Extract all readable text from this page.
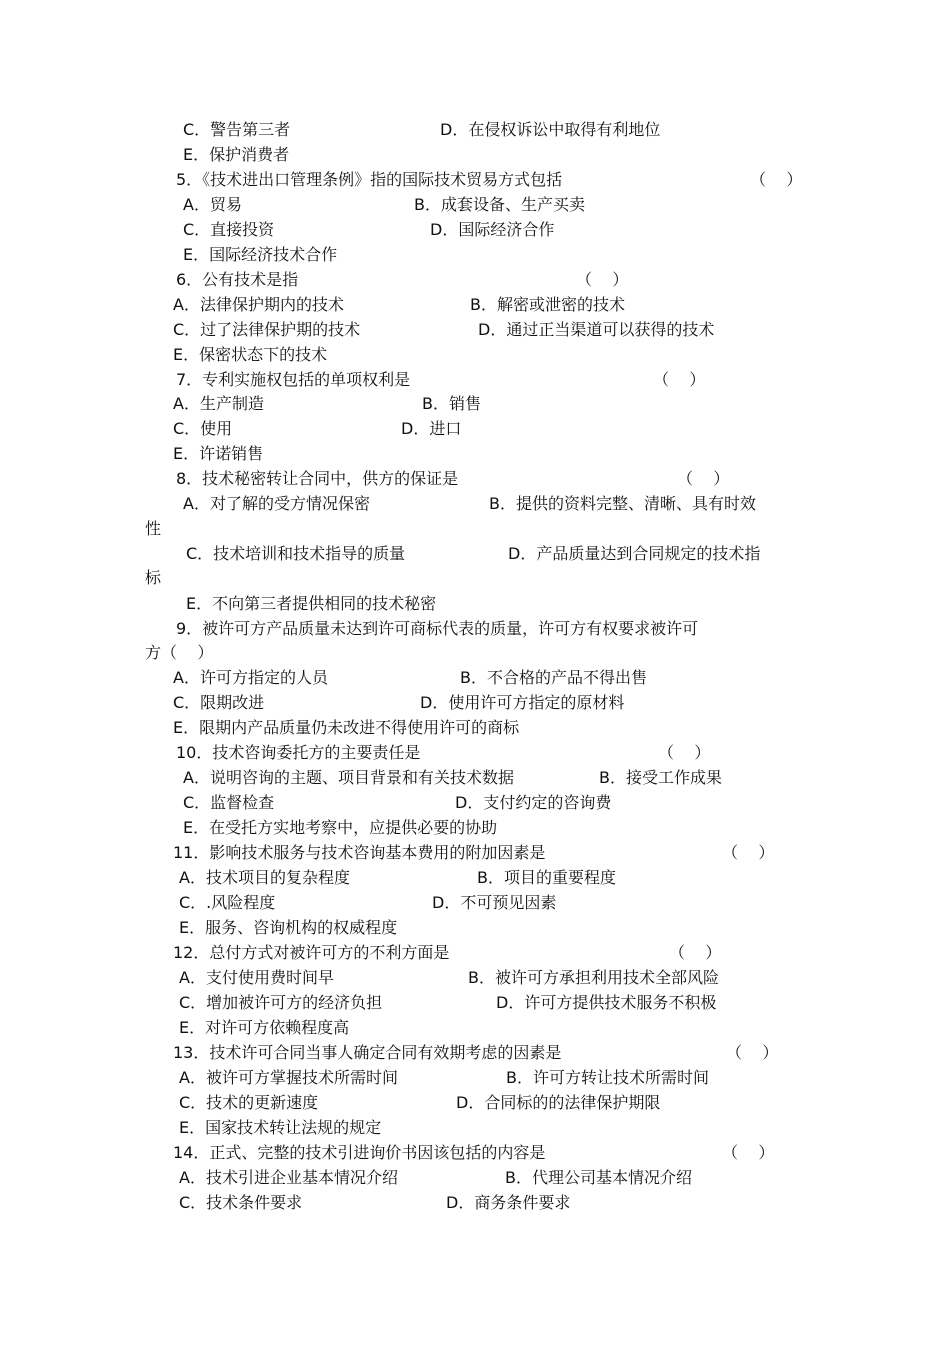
C．警告第三者	D．在侵权诉讼中取得有利地位
E．保护消费者
5．《技术进出口管理条例》指的国际技术贸易方式包括	（    ）
A．贸易	B．成套设备、生产买卖
C．直接投资	D．国际经济合作
E．国际经济技术合作
6．公有技术是指	（    ）
A．法律保护期内的技术	B．解密或泄密的技术
C．过了法律保护期的技术	D．通过正当渠道可以获得的技术
E．保密状态下的技术
7．专利实施权包括的单项权利是	（    ）
A．生产制造	B．销售
C．使用	D．进口
E．许诺销售
8．技术秘密转让合同中，供方的保证是	（    ）
A．对了解的受方情况保密	B．提供的资料完整、清晰、具有时效
性
C．技术培训和技术指导的质量	D．产品质量达到合同规定的技术指
标
E．不向第三者提供相同的技术秘密
9．被许可方产品质量未达到许可商标代表的质量，许可方有权要求被许可
方（    ）
A．许可方指定的人员	B．不合格的产品不得出售
C．限期改进	D．使用许可方指定的原材料
E．限期内产品质量仍未改进不得使用许可的商标
10．技术咨询委托方的主要责任是	（    ）
A．说明咨询的主题、项目背景和有关技术数据	B．接受工作成果
C．监督检查	D．支付约定的咨询费
E．在受托方实地考察中，应提供必要的协助
11．影响技术服务与技术咨询基本费用的附加因素是	（    ）
A．技术项目的复杂程度	B．项目的重要程度
C．.风险程度	D．不可预见因素
E．服务、咨询机构的权威程度
12．总付方式对被许可方的不利方面是	（    ）
A．支付使用费时间早	B．被许可方承担利用技术全部风险
C．增加被许可方的经济负担	D．许可方提供技术服务不积极
E．对许可方依赖程度高
13．技术许可合同当事人确定合同有效期考虑的因素是	（    ）
A．被许可方掌握技术所需时间	B．许可方转让技术所需时间
C．技术的更新速度	D．合同标的的法律保护期限
E．国家技术转让法规的规定
14．正式、完整的技术引进询价书因该包括的内容是	（    ）
A．技术引进企业基本情况介绍	B．代理公司基本情况介绍
C．技术条件要求	D．商务条件要求
